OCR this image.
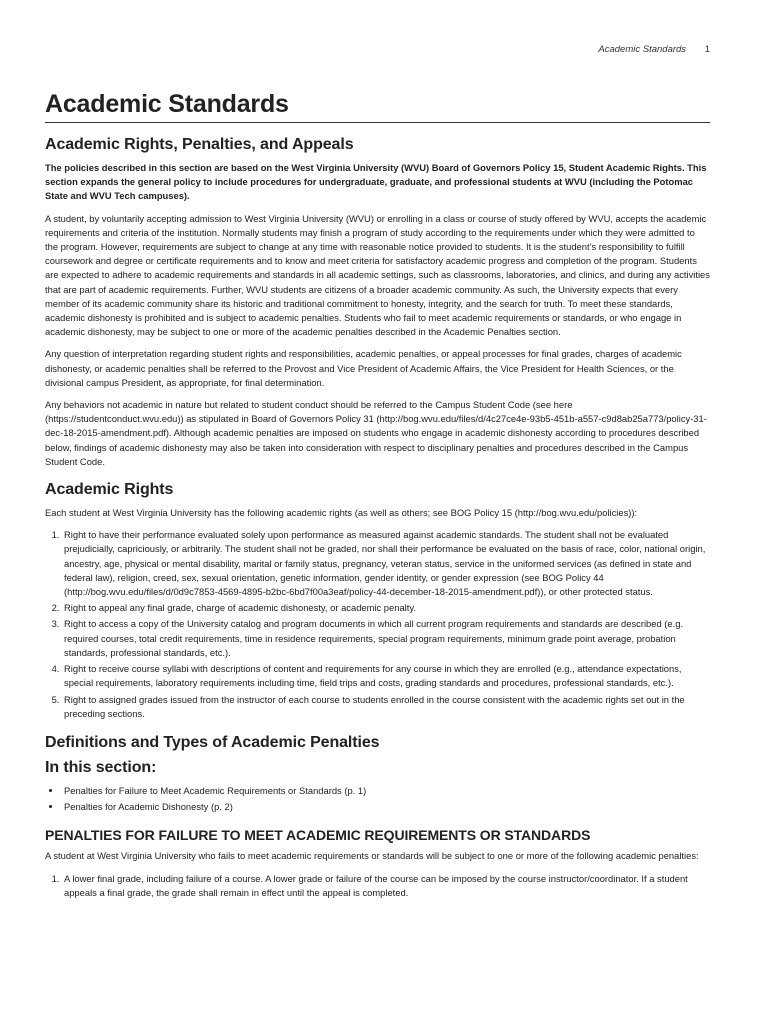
Academic Standards 1
Academic Standards
Academic Rights, Penalties, and Appeals

The policies described in this section are based on the West Virginia University (WVU) Board of Governors Policy 15, Student Academic Rights. This section expands the general policy to include procedures for undergraduate, graduate, and professional students at WVU (including the Potomac State and WVU Tech campuses).

A student, by voluntarily accepting admission to West Virginia University (WVU) or enrolling in a class or course of study offered by WVU, accepts the academic requirements and criteria of the institution. Normally students may finish a program of study according to the requirements under which they were admitted to the program. However, requirements are subject to change at any time with reasonable notice provided to students. It is the student’s responsibility to fulfill coursework and degree or certificate requirements and to know and meet criteria for satisfactory academic progress and completion of the program. Students are expected to adhere to academic requirements and standards in all academic settings, such as classrooms, laboratories, and clinics, and during any activities that are part of academic requirements. Further, WVU students are citizens of a broader academic community. As such, the University expects that every member of its academic community share its historic and traditional commitment to honesty, integrity, and the search for truth. To meet these standards, academic dishonesty is prohibited and is subject to academic penalties. Students who fail to meet academic requirements or standards, or who engage in academic dishonesty, may be subject to one or more of the academic penalties described in the Academic Penalties section.

Any question of interpretation regarding student rights and responsibilities, academic penalties, or appeal processes for final grades, charges of academic dishonesty, or academic penalties shall be referred to the Provost and Vice President of Academic Affairs, the Vice President for Health Sciences, or the divisional campus President, as appropriate, for final determination.

Any behaviors not academic in nature but related to student conduct should be referred to the Campus Student Code (see here (https://studentconduct.wvu.edu)) as stipulated in Board of Governors Policy 31 (http://bog.wvu.edu/files/d/4c27ce4e-93b5-451b-a557-c9d8ab25a773/policy-31-dec-18-2015-amendment.pdf). Although academic penalties are imposed on students who engage in academic dishonesty according to procedures described below, findings of academic dishonesty may also be taken into consideration with respect to disciplinary penalties and procedures described in the Campus Student Code.

Academic Rights

Each student at West Virginia University has the following academic rights (as well as others; see BOG Policy 15 (http://bog.wvu.edu/policies)):

1. Right to have their performance evaluated solely upon performance as measured against academic standards. The student shall not be evaluated prejudicially, capriciously, or arbitrarily. The student shall not be graded, nor shall their performance be evaluated on the basis of race, color, national origin, ancestry, age, physical or mental disability, marital or family status, pregnancy, veteran status, service in the uniformed services (as defined in state and federal law), religion, creed, sex, sexual orientation, genetic information, gender identity, or gender expression (see BOG Policy 44 (http://bog.wvu.edu/files/d/0d9c7853-4569-4895-b2bc-6bd7f00a3eaf/policy-44-december-18-2015-amendment.pdf)), or other protected status.
2. Right to appeal any final grade, charge of academic dishonesty, or academic penalty.
3. Right to access a copy of the University catalog and program documents in which all current program requirements and standards are described (e.g. required courses, total credit requirements, time in residence requirements, special program requirements, minimum grade point average, probation standards, professional standards, etc.).
4. Right to receive course syllabi with descriptions of content and requirements for any course in which they are enrolled (e.g., attendance expectations, special requirements, laboratory requirements including time, field trips and costs, grading standards and procedures, professional standards, etc.).
5. Right to assigned grades issued from the instructor of each course to students enrolled in the course consistent with the academic rights set out in the preceding sections.
Definitions and Types of Academic Penalties
In this section:
• Penalties for Failure to Meet Academic Requirements or Standards (p. 1)
• Penalties for Academic Dishonesty (p. 2)
PENALTIES FOR FAILURE TO MEET ACADEMIC REQUIREMENTS OR STANDARDS

A student at West Virginia University who fails to meet academic requirements or standards will be subject to one or more of the following academic penalties:

1. A lower final grade, including failure of a course. A lower grade or failure of the course can be imposed by the course instructor/coordinator. If a student appeals a final grade, the grade shall remain in effect until the appeal is completed.
